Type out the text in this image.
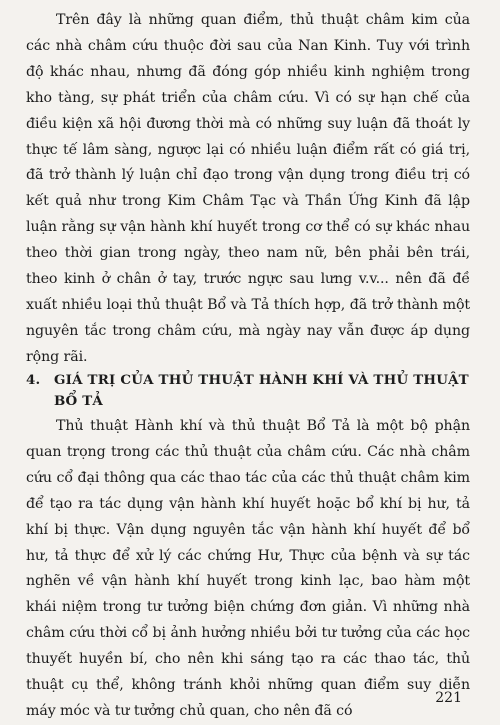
Trên đây là những quan điểm, thủ thuật châm kim của các nhà châm cứu thuộc đời sau của Nan Kinh. Tuy với trình độ khác nhau, nhưng đã đóng góp nhiều kinh nghiệm trong kho tàng, sự phát triển của châm cứu. Vì có sự hạn chế của điều kiện xã hội đương thời mà có những suy luận đã thoát ly thực tế lâm sàng, ngược lại có nhiều luận điểm rất có giá trị, đã trở thành lý luận chỉ đạo trong vận dụng trong điều trị có kết quả như trong Kim Châm Tạc và Thần Ứng Kinh đã lập luận rằng sự vận hành khí huyết trong cơ thể có sự khác nhau theo thời gian trong ngày, theo nam nữ, bên phải bên trái, theo kinh ở chân ở tay, trước ngực sau lưng v.v... nên đã đề xuất nhiều loại thủ thuật Bổ và Tả thích hợp, đã trở thành một nguyên tắc trong châm cứu, mà ngày nay vẫn được áp dụng rộng rãi.

4. GIÁ TRỊ CỦA THỦ THUẬT HÀNH KHÍ VÀ THỦ THUẬT
BỔ TẢ

Thủ thuật Hành khí và thủ thuật Bổ Tả là một bộ phận quan trọng trong các thủ thuật của châm cứu. Các nhà châm cứu cổ đại thông qua các thao tác của các thủ thuật châm kim để tạo ra tác dụng vận hành khí huyết hoặc bổ khí bị hư, tả khí bị thực. Vận dụng nguyên tắc vận hành khí huyết để bổ hư, tả thực để xử lý các chứng Hư, Thực của bệnh và sự tác nghẽn về vận hành khí huyết trong kinh lạc, bao hàm một khái niệm trong tư tưởng biện chứng đơn giản. Vì những nhà châm cứu thời cổ bị ảnh hưởng nhiều bởi tư tưởng của các học thuyết huyền bí, cho nên khi sáng tạo ra các thao tác, thủ thuật cụ thể, không tránh khỏi những quan điểm suy diễn máy móc và tư tưởng chủ quan, cho nên đã có

221
